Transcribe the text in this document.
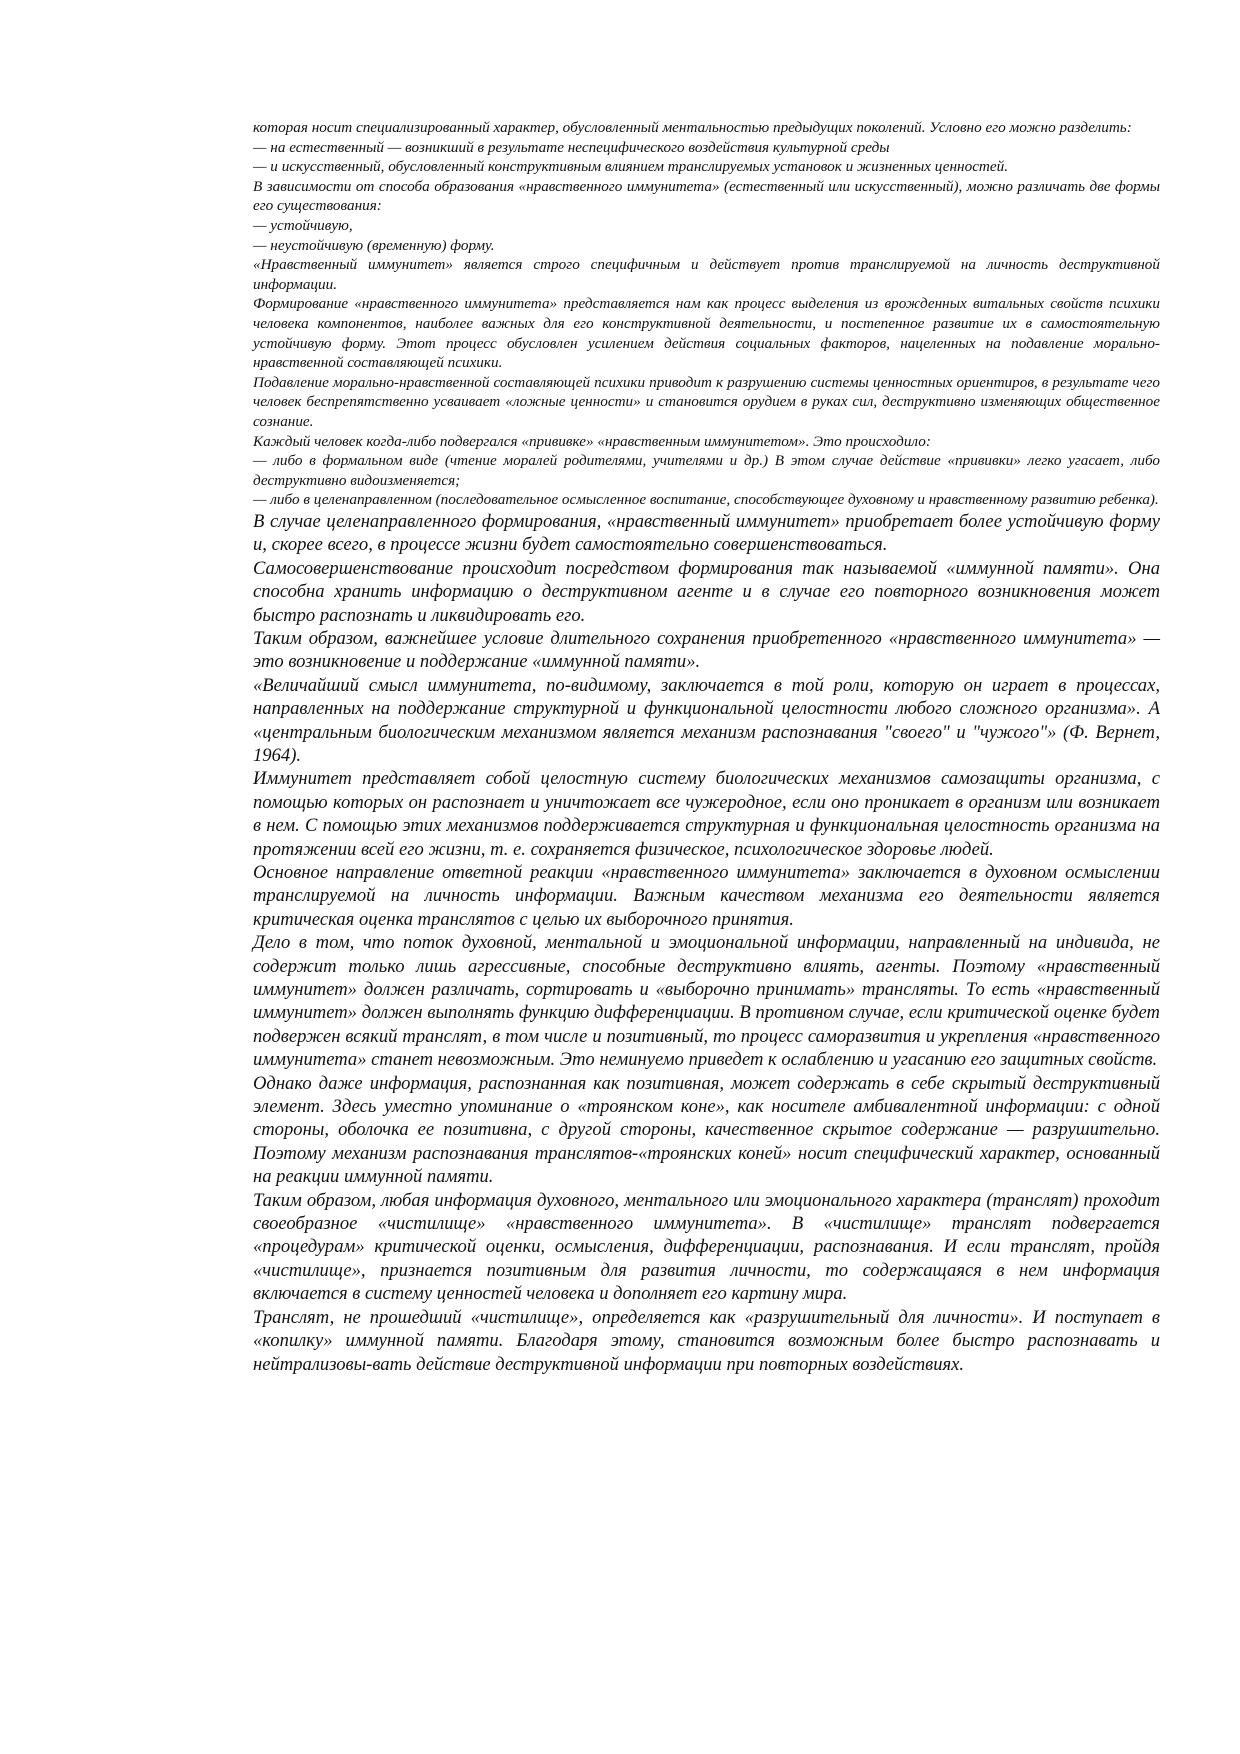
которая носит специализированный характер, обусловленный ментальностью предыдущих поколений. Условно его можно разделить:

— на естественный — возникший в результате неспецифического воздействия культурной среды

— и искусственный, обусловленный конструктивным влиянием транслируемых установок и жизненных ценностей.

В зависимости от способа образования «нравственного иммунитета» (естественный или искусственный), можно различать две формы его существования:

— устойчивую,

— неустойчивую (временную) форму.

«Нравственный иммунитет» является строго специфичным и действует против транслируемой на личность деструктивной информации.

Формирование «нравственного иммунитета» представляется нам как процесс выделения из врожденных витальных свойств психики человека компонентов, наиболее важных для его конструктивной деятельности, и постепенное развитие их в самостоятельную устойчивую форму. Этот процесс обусловлен усилением действия социальных факторов, нацеленных на подавление морально-нравственной составляющей психики.

Подавление морально-нравственной составляющей психики приводит к разрушению системы ценностных ориентиров, в результате чего человек беспрепятственно усваивает «ложные ценности» и становится орудием в руках сил, деструктивно изменяющих общественное сознание.

Каждый человек когда-либо подвергался «прививке» «нравственным иммунитетом». Это происходило:

— либо в формальном виде (чтение моралей родителями, учителями и др.) В этом случае действие «прививки» легко угасает, либо деструктивно видоизменяется;

— либо в целенаправленном (последовательное осмысленное воспитание, способствующее духовному и нравственному развитию ребенка).

В случае целенаправленного формирования, «нравственный иммунитет» приобретает более устойчивую форму и, скорее всего, в процессе жизни будет самостоятельно совершенствоваться.

Самосовершенствование происходит посредством формирования так называемой «иммунной памяти». Она способна хранить информацию о деструктивном агенте и в случае его повторного возникновения может быстро распознать и ликвидировать его.

Таким образом, важнейшее условие длительного сохранения приобретенного «нравственного иммунитета» — это возникновение и поддержание «иммунной памяти».

«Величайший смысл иммунитета, по-видимому, заключается в той роли, которую он играет в процессах, направленных на поддержание структурной и функциональной целостности любого сложного организма». А «центральным биологическим механизмом является механизм распознавания "своего" и "чужого"» (Ф. Вернет, 1964).

Иммунитет представляет собой целостную систему биологических механизмов самозащиты организма, с помощью которых он распознает и уничтожает все чужеродное, если оно проникает в организм или возникает в нем. С помощью этих механизмов поддерживается структурная и функциональная целостность организма на протяжении всей его жизни, т. е. сохраняется физическое, психологическое здоровье людей.

Основное направление ответной реакции «нравственного иммунитета» заключается в духовном осмыслении транслируемой на личность информации. Важным качеством механизма его деятельности является критическая оценка транслятов с целью их выборочного принятия.

Дело в том, что поток духовной, ментальной и эмоциональной информации, направленный на индивида, не содержит только лишь агрессивные, способные деструктивно влиять, агенты. Поэтому «нравственный иммунитет» должен различать, сортировать и «выборочно принимать» трансляты. То есть «нравственный иммунитет» должен выполнять функцию дифференциации. В противном случае, если критической оценке будет подвержен всякий транслят, в том числе и позитивный, то процесс саморазвития и укрепления «нравственного иммунитета» станет невозможным. Это неминуемо приведет к ослаблению и угасанию его защитных свойств.

Однако даже информация, распознанная как позитивная, может содержать в себе скрытый деструктивный элемент. Здесь уместно упоминание о «троянском коне», как носителе амбивалентной информации: с одной стороны, оболочка ее позитивна, с другой стороны, качественное скрытое содержание — разрушительно. Поэтому механизм распознавания транслятов-«троянских коней» носит специфический характер, основанный на реакции иммунной памяти.

Таким образом, любая информация духовного, ментального или эмоционального характера (транслят) проходит своеобразное «чистилище» «нравственного иммунитета». В «чистилище» транслят подвергается «процедурам» критической оценки, осмысления, дифференциации, распознавания. И если транслят, пройдя «чистилище», признается позитивным для развития личности, то содержащаяся в нем информация включается в систему ценностей человека и дополняет его картину мира.

Транслят, не прошедший «чистилище», определяется как «разрушительный для личности». И поступает в «копилку» иммунной памяти. Благодаря этому, становится возможным более быстро распознавать и нейтрализовы-вать действие деструктивной информации при повторных воздействиях.
